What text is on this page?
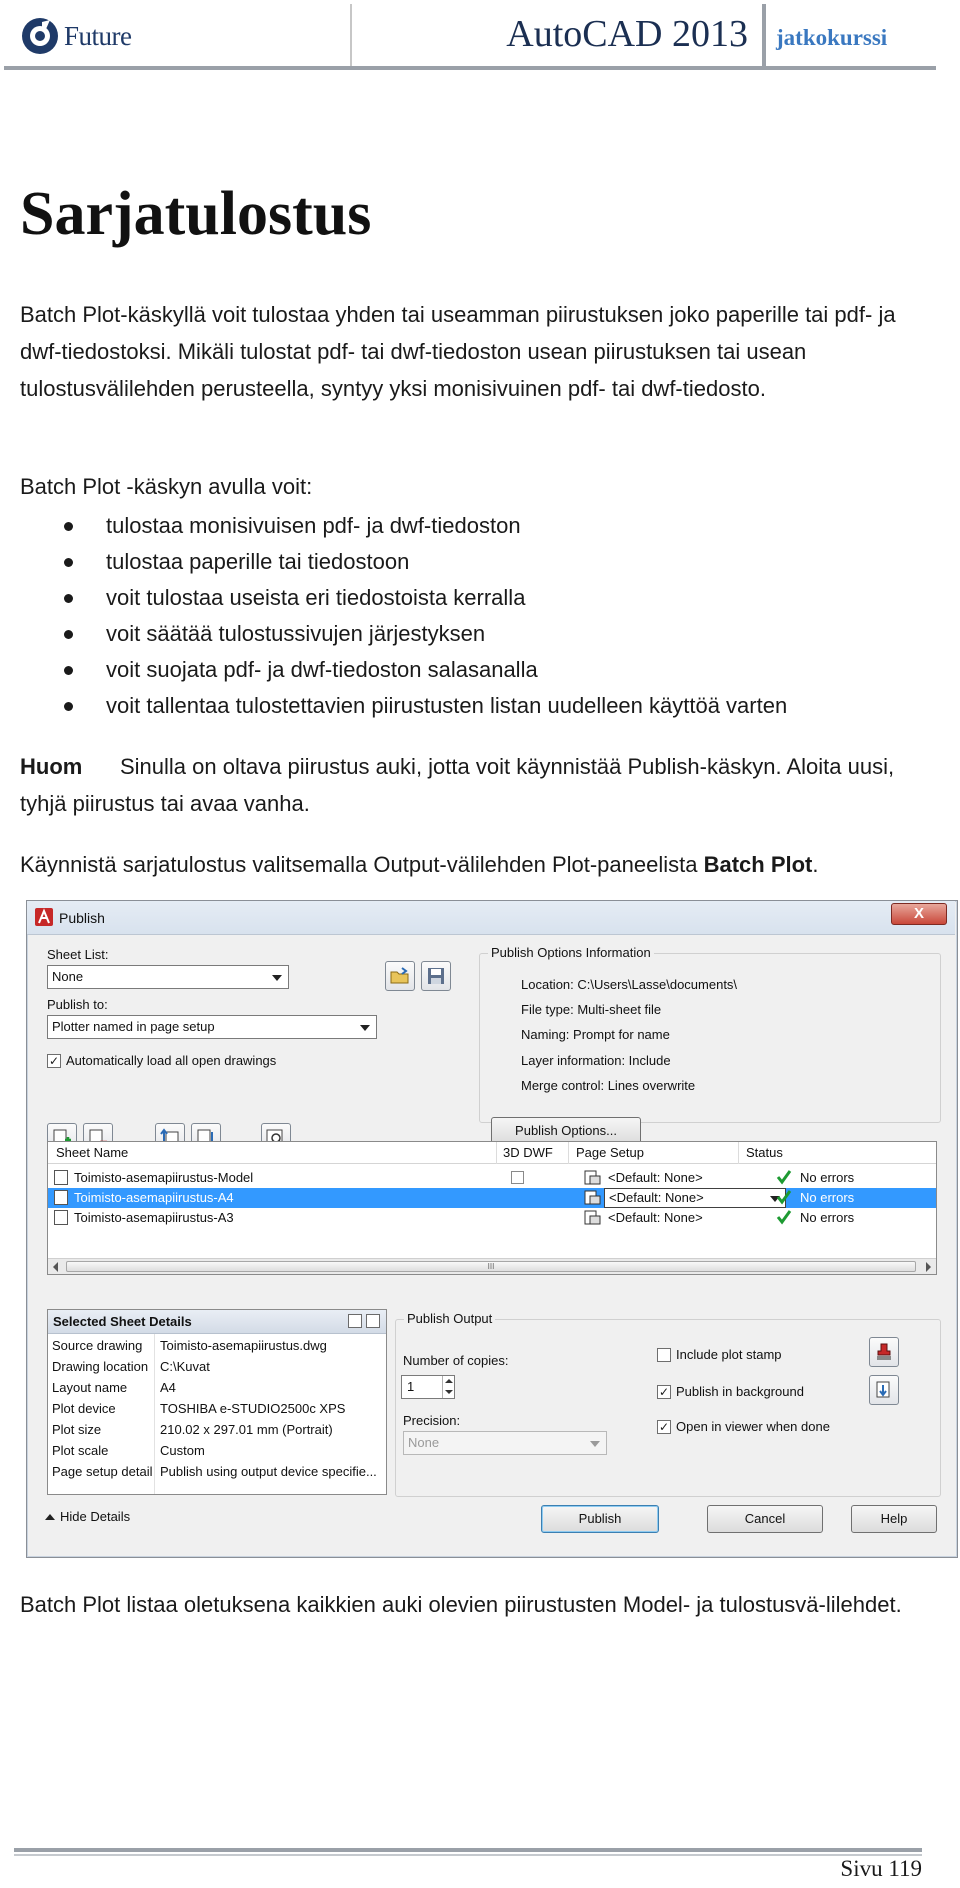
Future	AutoCAD 2013 jatkokurssi
Sarjatulostus

Batch Plot-käskyllä voit tulostaa yhden tai useamman piirustuksen joko paperille tai pdf- ja dwf-tiedostoksi. Mikäli tulostat pdf- tai dwf-tiedoston usean piirustuksen tai usean tulostusvälilehden perusteella, syntyy yksi monisivuinen pdf- tai dwf-tiedosto.

Batch Plot -käskyn avulla voit:

tulostaa monisivuisen pdf- ja dwf-tiedoston
tulostaa paperille tai tiedostoon
voit tulostaa useista eri tiedostoista kerralla
voit säätää tulostussivujen järjestyksen
voit suojata pdf- ja dwf-tiedoston salasanalla
voit tallentaa tulostettavien piirustusten listan uudelleen käyttöä varten

Huom Sinulla on oltava piirustus auki, jotta voit käynnistää Publish-käskyn. Aloita uusi, tyhjä piirustus tai avaa vanha.

Käynnistä sarjatulostus valitsemalla Output-välilehden Plot-paneelista Batch Plot.

Publish	X
Sheet List:
None
Publish to:
Plotter named in page setup
✓ Automatically load all open drawings
Publish Options Information
Location: C:\Users\Lasse\documents\
File type: Multi-sheet file
Naming: Prompt for name
Layer information: Include
Merge control: Lines overwrite
Publish Options...
Sheet Name	3D DWF Page Setup	Status
Toimisto-asemapiirustus-Model	<Default: None>	No errors
Toimisto-asemapiirustus-A4	<Default: None>	No errors
Toimisto-asemapiirustus-A3	<Default: None>	No errors
III
Selected Sheet Details
Source drawing Toimisto-asemapiirustus.dwg
Drawing location C:\Kuvat
Layout name	A4
Plot device	TOSHIBA e-STUDIO2500c XPS
Plot size	210.02 x 297.01 mm (Portrait)
Plot scale	Custom
Page setup detail Publish using output device specifie...
Publish Output
Number of copies:
1
Precision:
None
Include plot stamp
✓ Publish in background
✓ Open in viewer when done
Hide Details	Publish	Cancel	Help

Batch Plot listaa oletuksena kaikkien auki olevien piirustusten Model- ja tulostusvä-lilehdet.

Sivu 119
